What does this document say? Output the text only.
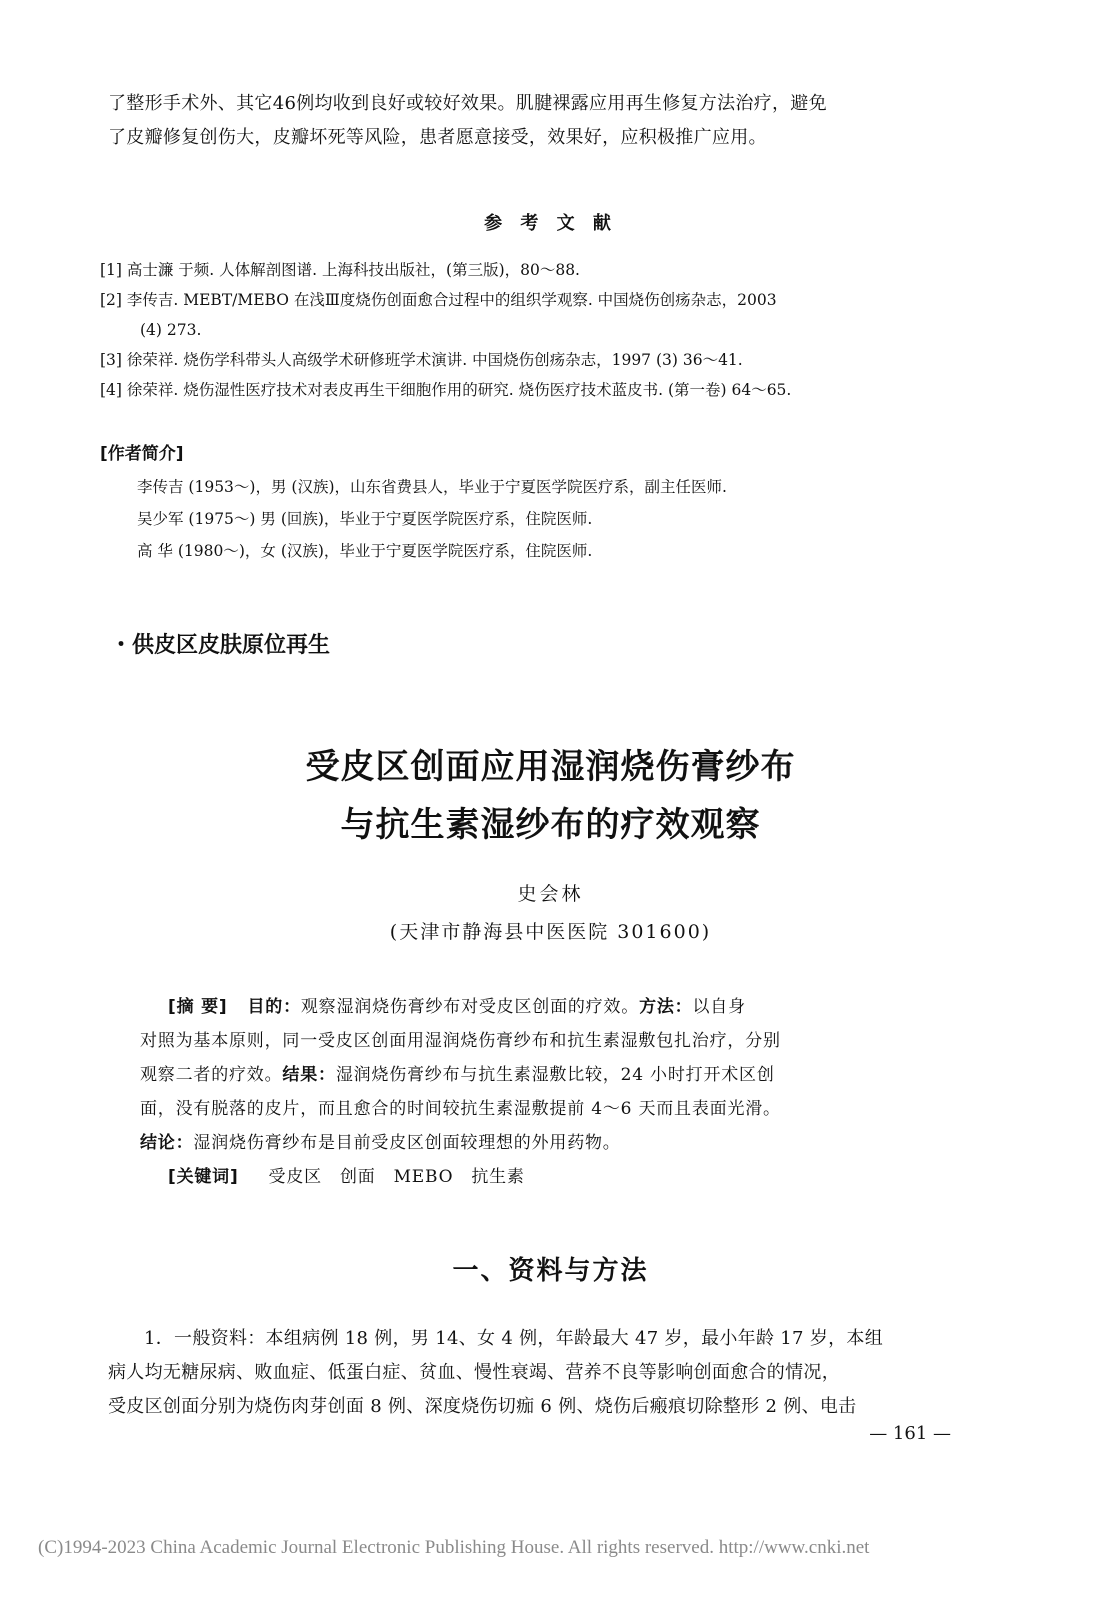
了整形手术外、其它46例均收到良好或较好效果。肌腱裸露应用再生修复方法治疗，避免
了皮瓣修复创伤大，皮瓣坏死等风险，患者愿意接受，效果好，应积极推广应用。
参 考 文 献
[1] 高士濂 于频. 人体解剖图谱. 上海科技出版社，(第三版)，80～88.
[2] 李传吉. MEBT/MEBO 在浅Ⅲ度烧伤创面愈合过程中的组织学观察. 中国烧伤创疡杂志，2003
(4) 273.
[3] 徐荣祥. 烧伤学科带头人高级学术研修班学术演讲. 中国烧伤创疡杂志，1997 (3) 36～41.
[4] 徐荣祥. 烧伤湿性医疗技术对表皮再生干细胞作用的研究. 烧伤医疗技术蓝皮书. (第一卷) 64～65.
[作者简介]
李传吉 (1953～)，男 (汉族)，山东省费县人，毕业于宁夏医学院医疗系，副主任医师.
吴少军 (1975～) 男 (回族)，毕业于宁夏医学院医疗系，住院医师.
高 华 (1980～)，女 (汉族)，毕业于宁夏医学院医疗系，住院医师.
・供皮区皮肤原位再生
受皮区创面应用湿润烧伤膏纱布
与抗生素湿纱布的疗效观察
史会林
(天津市静海县中医医院 301600)
[摘 要] 目的：观察湿润烧伤膏纱布对受皮区创面的疗效。方法：以自身
对照为基本原则，同一受皮区创面用湿润烧伤膏纱布和抗生素湿敷包扎治疗，分别
观察二者的疗效。结果：湿润烧伤膏纱布与抗生素湿敷比较，24 小时打开术区创
面，没有脱落的皮片，而且愈合的时间较抗生素湿敷提前 4～6 天而且表面光滑。
结论：湿润烧伤膏纱布是目前受皮区创面较理想的外用药物。
[关键词] 受皮区 创面 MEBO 抗生素
一、资料与方法
1．一般资料：本组病例 18 例，男 14、女 4 例，年龄最大 47 岁，最小年龄 17 岁，本组
病人均无糖尿病、败血症、低蛋白症、贫血、慢性衰竭、营养不良等影响创面愈合的情况，
受皮区创面分别为烧伤肉芽创面 8 例、深度烧伤切痂 6 例、烧伤后瘢痕切除整形 2 例、电击
— 161 —
(C)1994-2023 China Academic Journal Electronic Publishing House. All rights reserved. http://www.cnki.net
